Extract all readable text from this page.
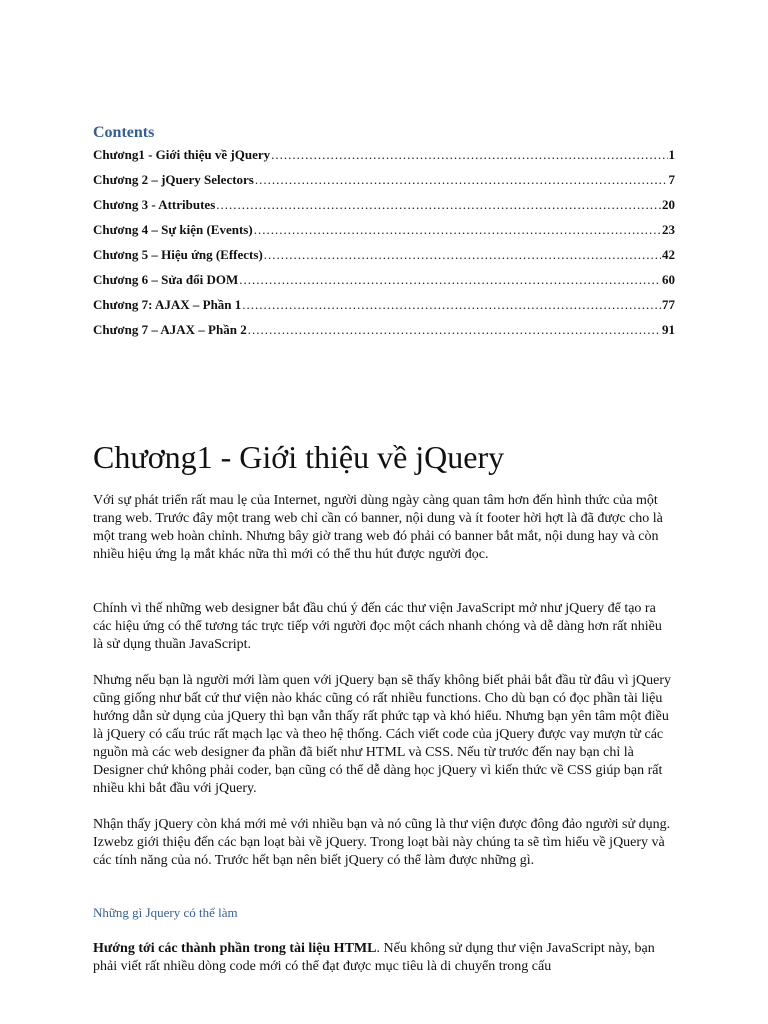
Contents
Chương1 - Giới thiệu về jQuery .....	1
Chương 2 – jQuery Selectors .....	7
Chương 3 - Attributes .....	20
Chương 4 – Sự kiện (Events) .....	23
Chương 5 – Hiệu ứng (Effects) .....	42
Chương 6 – Sửa đổi DOM .....	60
Chương 7: AJAX – Phần 1 .....	77
Chương 7 – AJAX – Phần 2 .....	91
Chương1 - Giới thiệu về jQuery

Với sự phát triển rất mau lẹ của Internet, người dùng ngày càng quan tâm hơn đến hình thức của một trang web. Trước đây một trang web chỉ cần có banner, nội dung và ít footer hời hợt là đã được cho là một trang web hoàn chỉnh. Nhưng bây giờ trang web đó phải có banner bắt mắt, nội dung hay và còn nhiều hiệu ứng lạ mắt khác nữa thì mới có thể thu hút được người đọc.

Chính vì thế những web designer bắt đầu chú ý đến các thư viện JavaScript mở như jQuery để tạo ra các hiệu ứng có thể tương tác trực tiếp với người đọc một cách nhanh chóng và dễ dàng hơn rất nhiều là sử dụng thuần JavaScript.

Nhưng nếu bạn là người mới làm quen với jQuery bạn sẽ thấy không biết phải bắt đầu từ đâu vì jQuery cũng giống như bất cứ thư viện nào khác cũng có rất nhiều functions. Cho dù bạn có đọc phần tài liệu hướng dẫn sử dụng của jQuery thì bạn vẫn thấy rất phức tạp và khó hiểu. Nhưng bạn yên tâm một điều là jQuery có cấu trúc rất mạch lạc và theo hệ thống. Cách viết code của jQuery được vay mượn từ các nguồn mà các web designer đa phần đã biết như HTML và CSS. Nếu từ trước đến nay bạn chỉ là Designer chứ không phải coder, bạn cũng có thể dễ dàng học jQuery vì kiến thức về CSS giúp bạn rất nhiều khi bắt đầu với jQuery.

Nhận thấy jQuery còn khá mới mẻ với nhiều bạn và nó cũng là thư viện được đông đảo người sử dụng. Izwebz giới thiệu đến các bạn loạt bài về jQuery. Trong loạt bài này chúng ta sẽ tìm hiểu về jQuery và các tính năng của nó. Trước hết bạn nên biết jQuery có thể làm được những gì.

Những gì Jquery có thể làm

Hướng tới các thành phần trong tài liệu HTML. Nếu không sử dụng thư viện JavaScript này, bạn phải viết rất nhiều dòng code mới có thể đạt được mục tiêu là di chuyển trong cấu
